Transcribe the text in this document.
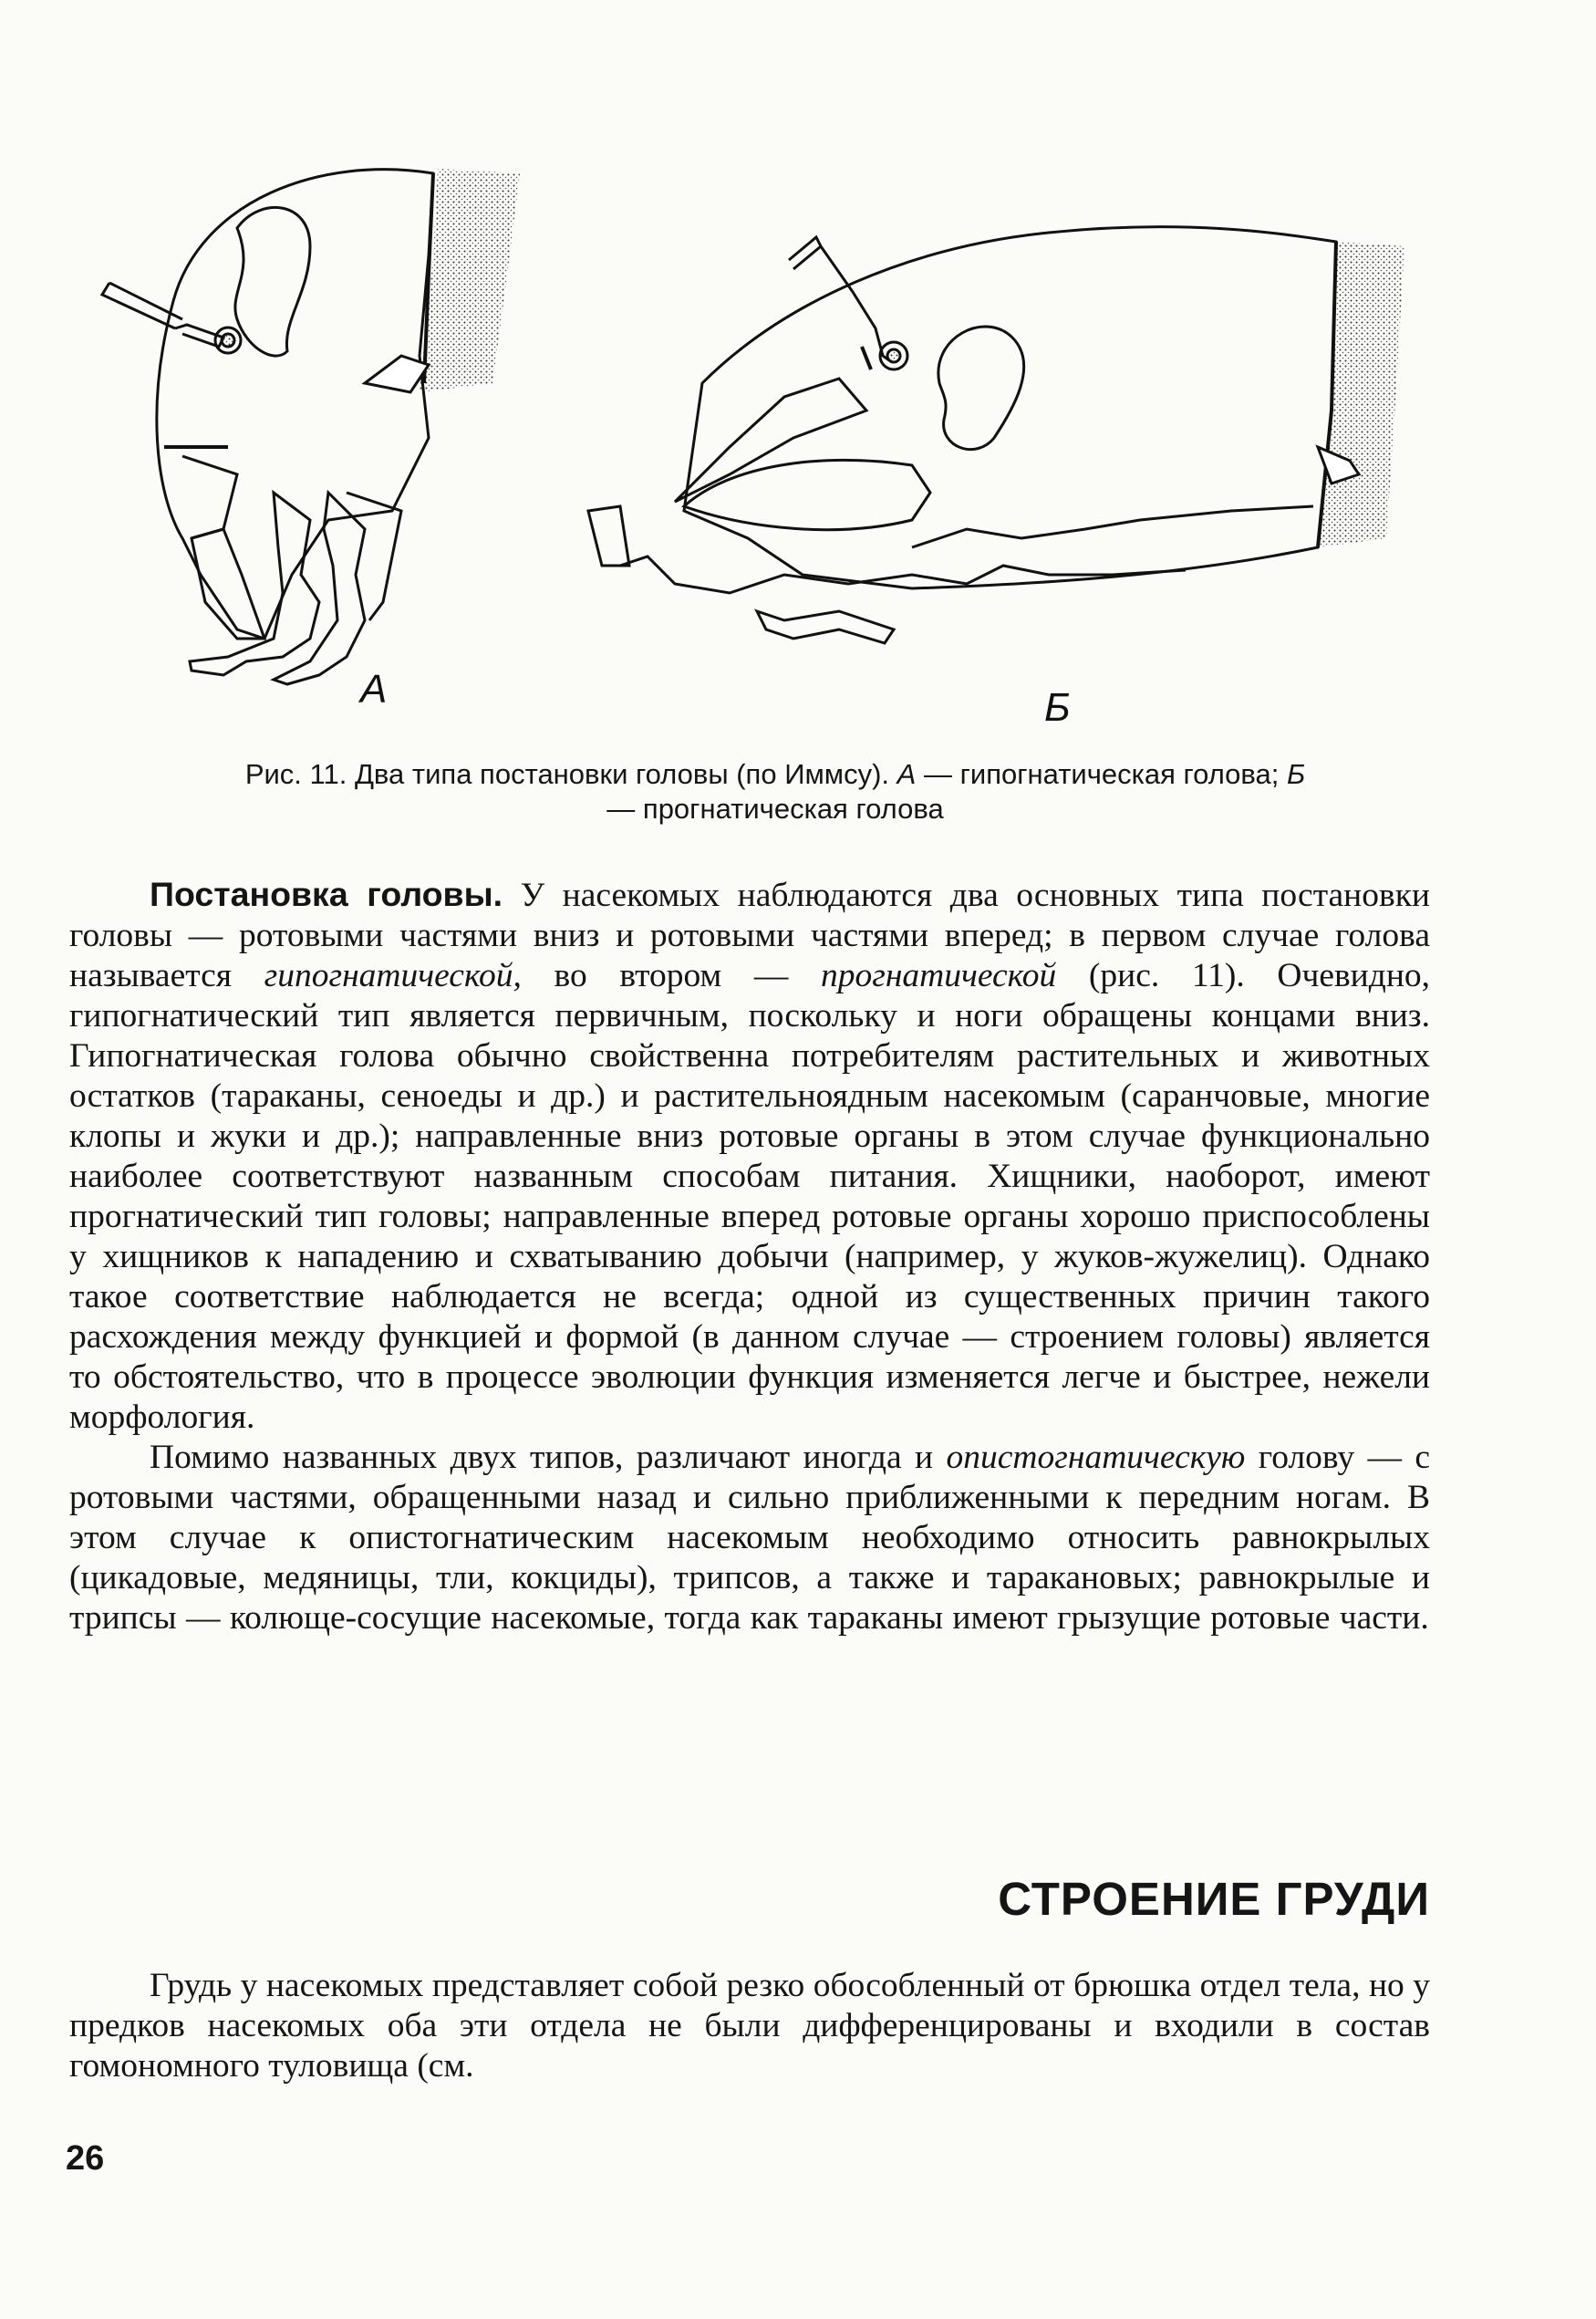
А	Б
Рис. 11. Два типа постановки головы (по Иммсу). А — гипогнатическая голова; Б
— прогнатическая голова

Постановка головы. У насекомых наблюдаются два основных типа постановки головы — ротовыми частями вниз и ротовыми частями вперед; в первом случае голова называется гипогнатической, во втором — прогнатической (рис. 11). Очевидно, гипогнатический тип является первичным, поскольку и ноги обращены концами вниз. Гипогнатическая голова обычно свойственна потребителям растительных и животных остатков (тараканы, сеноеды и др.) и растительноядным насекомым (саранчовые, многие клопы и жуки и др.); направленные вниз ротовые органы в этом случае функционально наиболее соответствуют названным способам питания. Хищники, наоборот, имеют прогнатический тип головы; направленные вперед ротовые органы хорошо приспособлены у хищников к нападению и схватыванию добычи (например, у жуков-жужелиц). Однако такое соответствие наблюдается не всегда; одной из существенных причин такого расхождения между функцией и формой (в данном случае — строением головы) является то обстоятельство, что в процессе эволюции функция изменяется легче и быстрее, нежели морфология.

Помимо названных двух типов, различают иногда и опистогнатическую голову — с ротовыми частями, обращенными назад и сильно приближенными к передним ногам. В этом случае к опистогнатическим насекомым необходимо относить равнокрылых (цикадовые, медяницы, тли, кокциды), трипсов, а также и таракановых; равнокрылые и трипсы — колюще-сосущие насекомые, тогда как тараканы имеют грызущие ротовые части.

СТРОЕНИЕ ГРУДИ

Грудь у насекомых представляет собой резко обособленный от брюшка отдел тела, но у предков насекомых оба эти отдела не были дифференцированы и входили в состав гомономного туловища (см.

26
